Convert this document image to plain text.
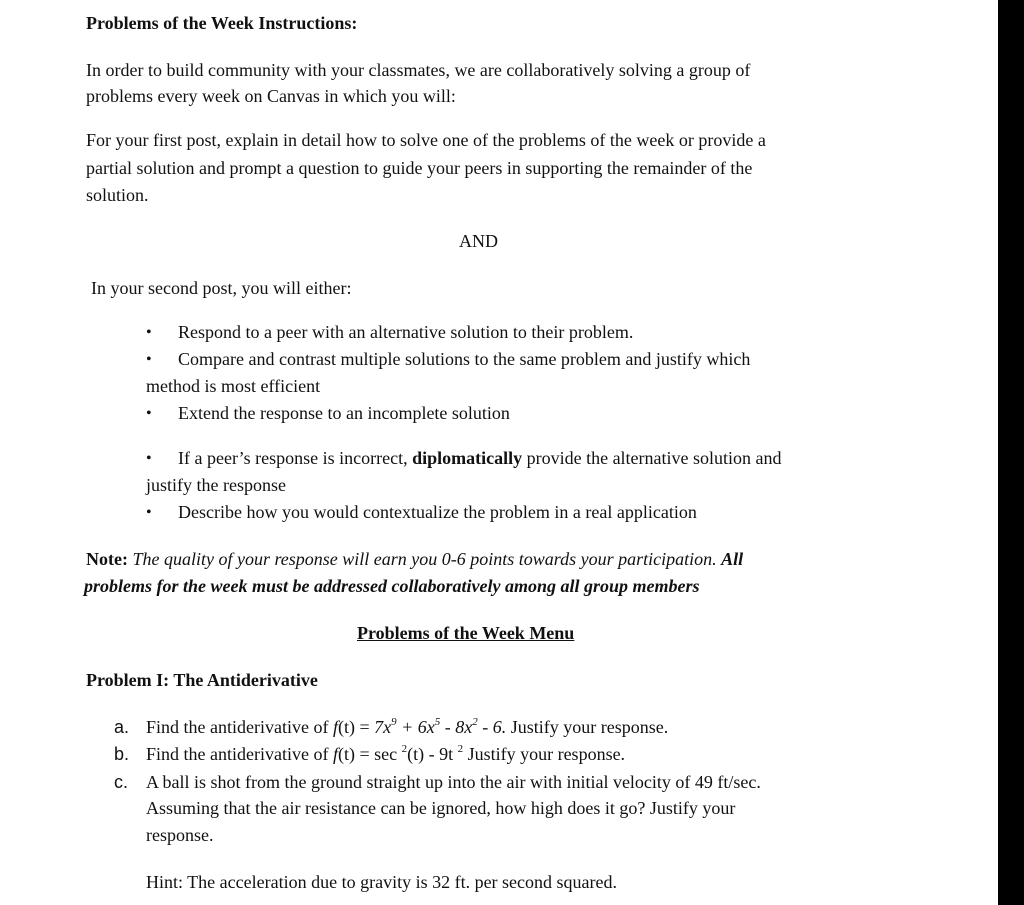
Problems of the Week Instructions:
In order to build community with your classmates, we are collaboratively solving a group of
problems every week on Canvas in which you will:
For your first post, explain in detail how to solve one of the problems of the week or provide a
partial solution and prompt a question to guide your peers in supporting the remainder of the
solution.
AND
In your second post, you will either:
• Respond to a peer with an alternative solution to their problem.
• Compare and contrast multiple solutions to the same problem and justify which
method is most efficient
• Extend the response to an incomplete solution
• If a peer’s response is incorrect, diplomatically provide the alternative solution and
justify the response
• Describe how you would contextualize the problem in a real application
Note: The quality of your response will earn you 0-6 points towards your participation. All
problems for the week must be addressed collaboratively among all group members
Problems of the Week Menu
Problem I: The Antiderivative
a. Find the antiderivative of $f(t) = 7x^9 + 6x^5 - 8x^2 - 6$. Justify your response.
b. Find the antiderivative of f(t) = sec $^2$(t) - 9t $^2$ Justify your response.
c. A ball is shot from the ground straight up into the air with initial velocity of 49 ft/sec.
Assuming that the air resistance can be ignored, how high does it go? Justify your
response.
Hint: The acceleration due to gravity is 32 ft. per second squared.
